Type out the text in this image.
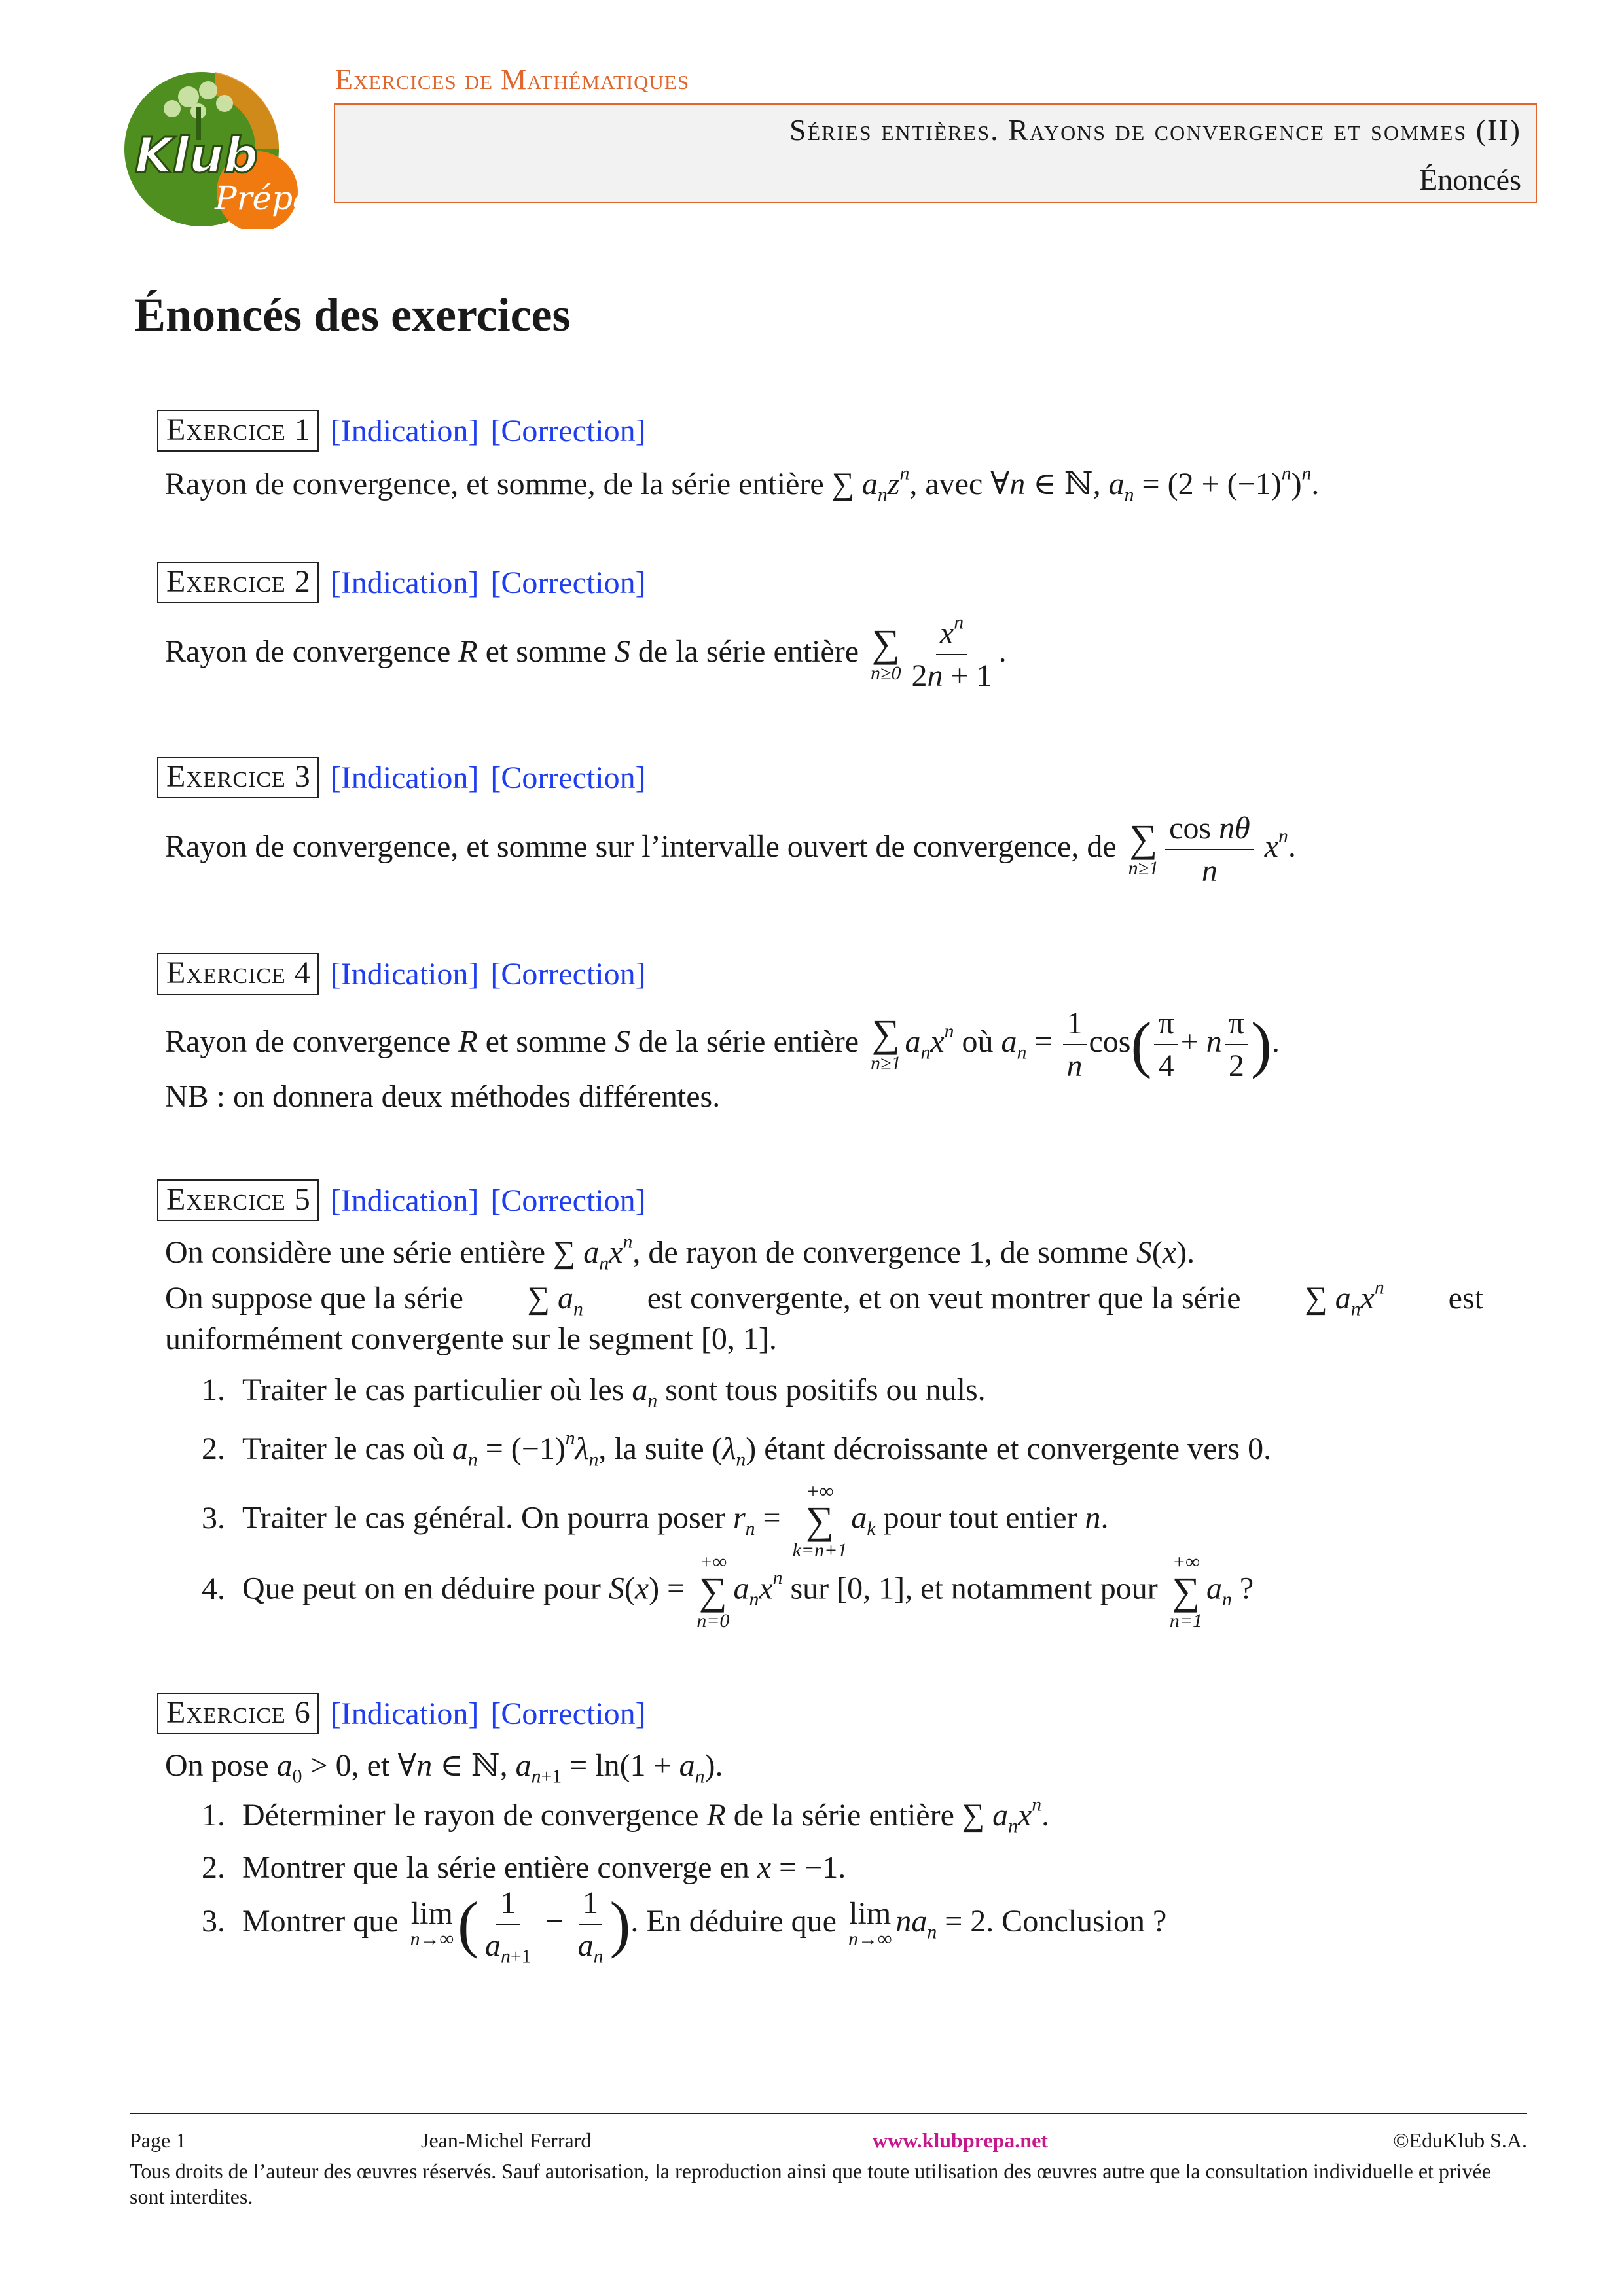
Klub
Prépa
Exercices de Mathématiques
Séries entières. Rayons de convergence et sommes (II)
Énoncés
Énoncés des exercices
Exercice 1 [Indication] [Correction]
Rayon de convergence, et somme, de la série entière ∑ $a_nz^n$, avec ∀n ∈ ℕ, $a_n = (2 + (-1)^n)^n$.
Exercice 2 [Indication] [Correction]
Rayon de convergence R et somme S de la série entière ∑
$n\ge 0 \frac{x^n}{2n + 1}$ .
Exercice 3 [Indication] [Correction]
Rayon de convergence, et somme sur l’intervalle ouvert de convergence, de ∑
$n\ge 1 \frac{\text{cos nθ}}{n} x^n$.
Exercice 4 [Indication] [Correction]
Rayon de convergence R et somme S de la série entière ∑
n≥1
$a_nx^n$ où $a_n = \frac{1}{n} \cos( \frac{\pi}{4} + n \frac{\pi}{2}$ ).
NB : on donnera deux méthodes différentes.
Exercice 5 [Indication] [Correction]
On considère une série entière ∑ $a_nx^n$, de rayon de convergence 1, de somme S(x).
On suppose que la série ∑ $a_n$ est convergente, et on veut montrer que la série ∑ $a_nx^n$ est
uniformément convergente sur le segment [0, 1].
1. Traiter le cas particulier où les $a_n$ sont tous positifs ou nuls.
2. Traiter le cas où $a_n = (-1)^n\lambda_n$, la suite $(\lambda_n)$ étant décroissante et convergente vers 0.
3. Traiter le cas général. On pourra poser $r_n$ =
+∞
∑
k=n+1
$a_k$ pour tout entier n.
4. Que peut on en déduire pour S(x) =
+∞
∑
n=0
$a_nx^n$ sur [0, 1], et notamment pour
+∞
∑
n=1
$a_n$ ?
Exercice 6 [Indication] [Correction]
On pose $a_0 > 0$, et ∀n ∈ ℕ, $a_{n+1} = \ln(1 + a_n)$.
1. Déterminer le rayon de convergence R de la série entière ∑ $a_nx^n$.
2. Montrer que la série entière converge en x = −1.
3. Montrer que lim
n→∞ ( $\frac{1}{a_{n+1}} - \frac{1}{a_n}$ ). En déduire que lim
n→∞
$na_n = 2$. Conclusion ?
Page 1	Jean-Michel Ferrard	www.klubprepa.net	©EduKlub S.A.
Tous droits de l’auteur des œuvres réservés. Sauf autorisation, la reproduction ainsi que toute utilisation des œuvres autre que la consultation individuelle et privée sont interdites.
